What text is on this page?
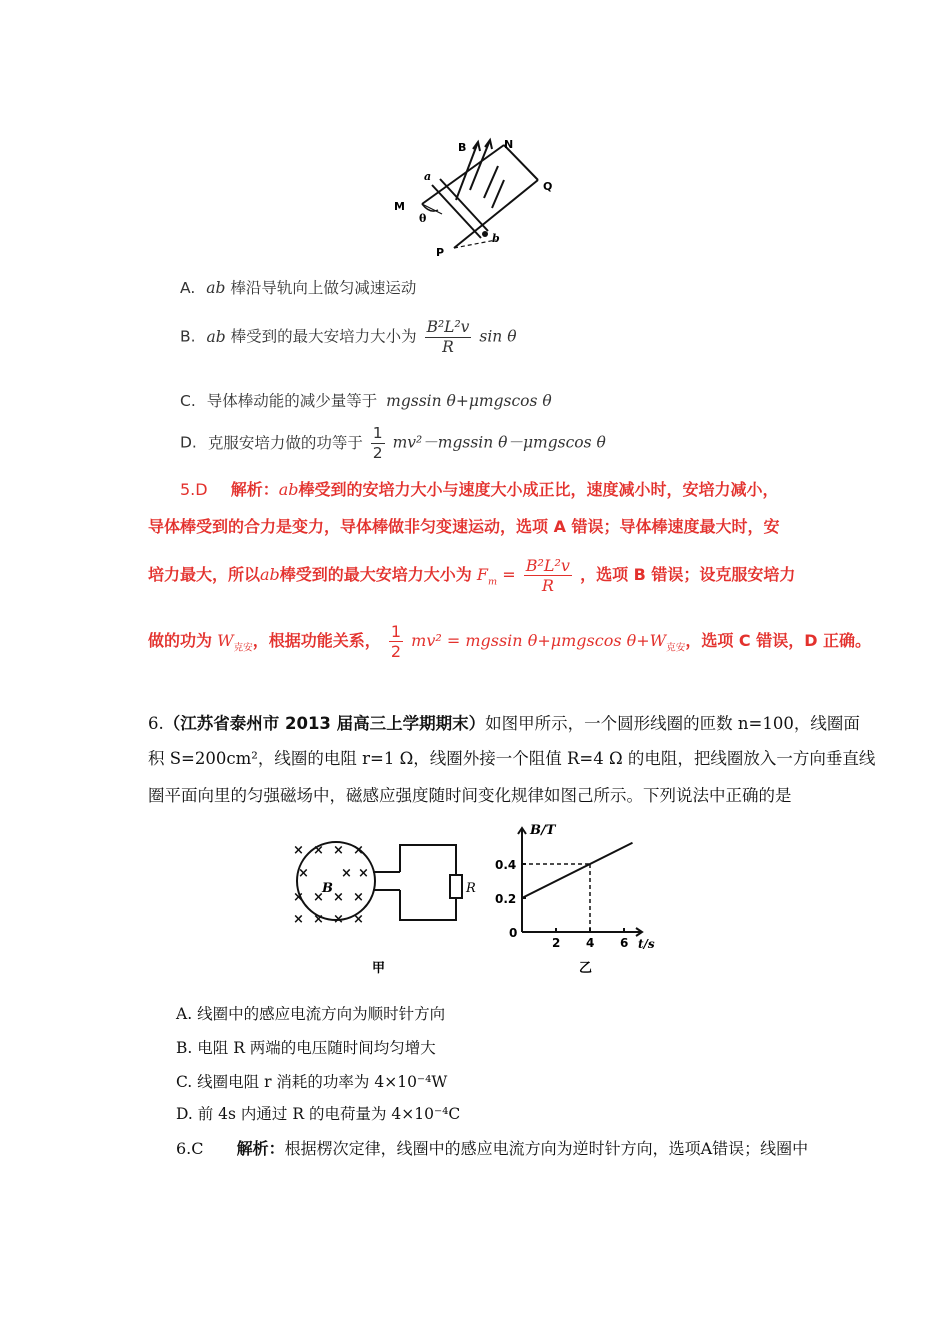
B	N
a
M
θ
Q
P
b
A. ab 棒沿导轨向上做匀减速运动
B. ab 棒受到的最大安培力大小为 $\frac{\text{B²L²v}}{R}$ sin θ
C. 导体棒动能的减少量等于 mgssin θ+μmgscos θ
D. 克服安培力做的功等于 $\frac{1}{2} mv^2-mgssin$ θ－μmgscos θ
5.D 解析：ab棒受到的安培力大小与速度大小成正比，速度减小时，安培力减小，
导体棒受到的合力是变力，导体棒做非匀变速运动，选项 A 错误；导体棒速度最大时，安
培力最大，所以ab棒受到的最大安培力大小为 $F_m = \frac{\text{B²L²v}}{R}$ ，选项 B 错误；设克服安培力
做的功为 $W_{克安}$，根据功能关系， $\frac{1}{2} mv^2 = mgssin$ θ+μmgscos $\theta+W_{克安}$，选项 C 错误，D 正确。
6.（江苏省泰州市 2013 届高三上学期期末）如图甲所示，一个圆形线圈的匝数 n=100，线圈面
积 S=200cm²，线圈的电阻 r=1 Ω，线圈外接一个阻值 R=4 Ω 的电阻，把线圈放入一方向垂直线
圈平面向里的匀强磁场中，磁感应强度随时间变化规律如图己所示。下列说法中正确的是
× × × ×
× × ×
× × × ×
× × × ×
B	R
甲
2 4 6
0
0.2
0.4
B/T
t/s
乙
A. 线圈中的感应电流方向为顺时针方向
B. 电阻 R 两端的电压随时间均匀增大
C. 线圈电阻 r 消耗的功率为 4×10⁻⁴W
D. 前 4s 内通过 R 的电荷量为 4×10⁻⁴C
6.C 解析：根据楞次定律，线圈中的感应电流方向为逆时针方向，选项A错误；线圈中
